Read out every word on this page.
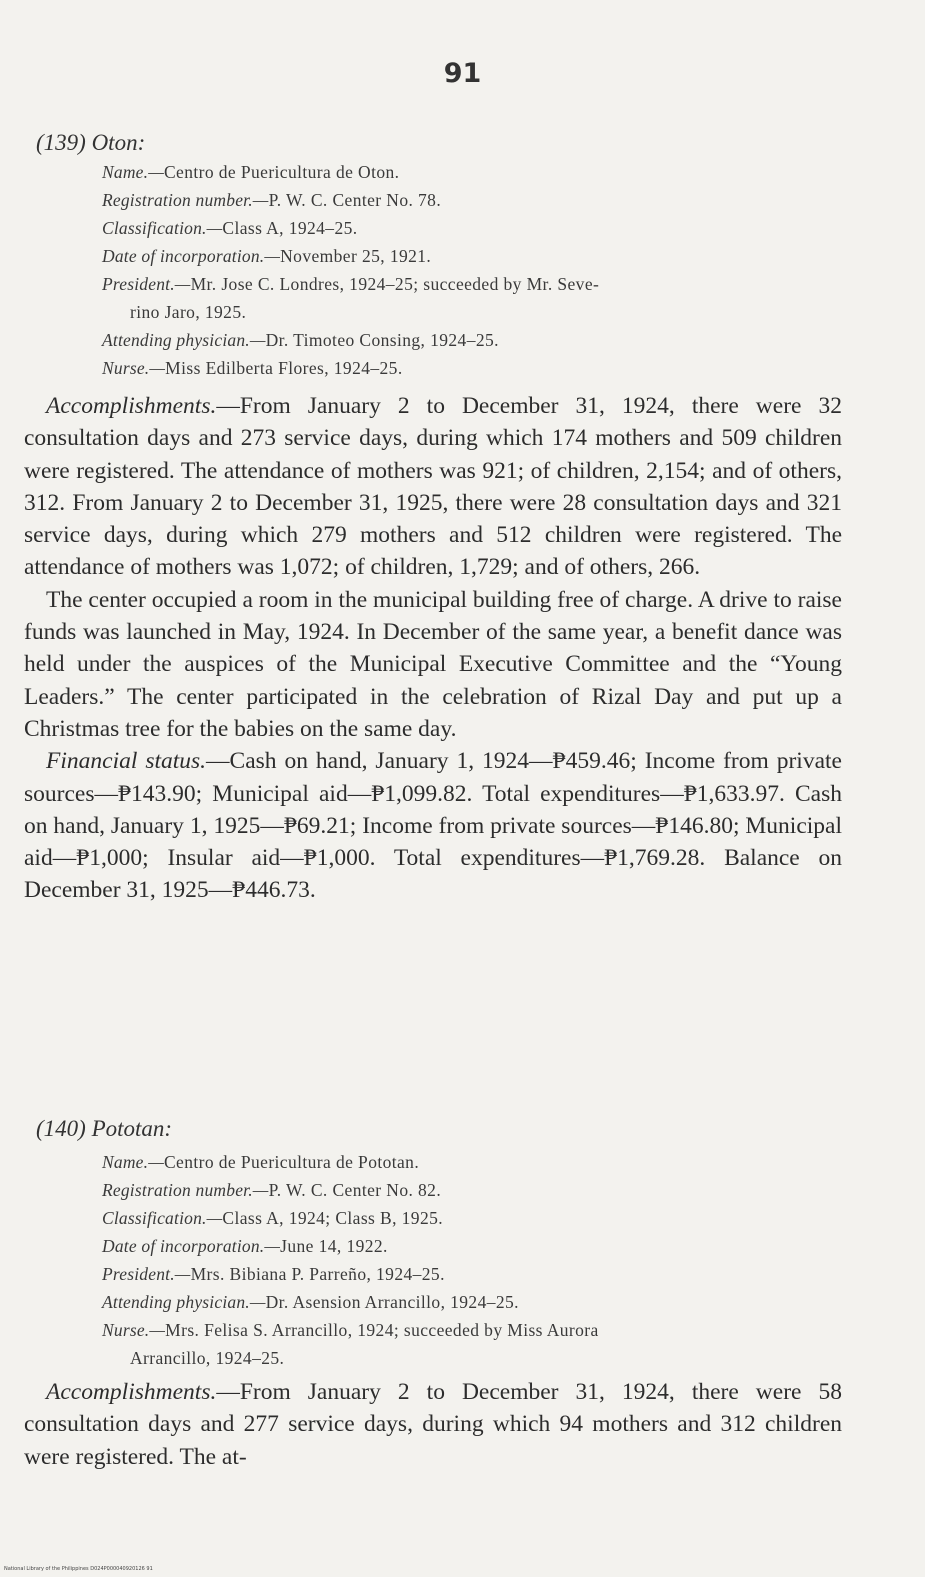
91
(139) Oton:
Name.—Centro de Puericultura de Oton.
Registration number.—P. W. C. Center No. 78.
Classification.—Class A, 1924–25.
Date of incorporation.—November 25, 1921.
President.—Mr. Jose C. Londres, 1924–25; succeeded by Mr. Seve-
rino Jaro, 1925.
Attending physician.—Dr. Timoteo Consing, 1924–25.
Nurse.—Miss Edilberta Flores, 1924–25.

Accomplishments.—From January 2 to December 31, 1924, there were 32 consultation days and 273 service days, during which 174 mothers and 509 children were registered. The attendance of mothers was 921; of children, 2,154; and of others, 312. From January 2 to December 31, 1925, there were 28 consultation days and 321 service days, during which 279 mothers and 512 children were registered. The attendance of mothers was 1,072; of children, 1,729; and of others, 266.

The center occupied a room in the municipal building free of charge. A drive to raise funds was launched in May, 1924. In December of the same year, a benefit dance was held under the auspices of the Municipal Executive Committee and the “Young Leaders.” The center participated in the celebration of Rizal Day and put up a Christmas tree for the babies on the same day.

Financial status.—Cash on hand, January 1, 1924—₱459.46; Income from private sources—₱143.90; Municipal aid—₱1,099.82. Total expenditures—₱1,633.97. Cash on hand, January 1, 1925—₱69.21; Income from private sources—₱146.80; Municipal aid—₱1,000; Insular aid—₱1,000. Total expenditures—₱1,769.28. Balance on December 31, 1925—₱446.73.

(140) Pototan:
Name.—Centro de Puericultura de Pototan.
Registration number.—P. W. C. Center No. 82.
Classification.—Class A, 1924; Class B, 1925.
Date of incorporation.—June 14, 1922.
President.—Mrs. Bibiana P. Parreño, 1924–25.
Attending physician.—Dr. Asension Arrancillo, 1924–25.
Nurse.—Mrs. Felisa S. Arrancillo, 1924; succeeded by Miss Aurora
Arrancillo, 1924–25.

Accomplishments.—From January 2 to December 31, 1924, there were 58 consultation days and 277 service days, during which 94 mothers and 312 children were registered. The at-

National Library of the Philippines D024P000040920126 91
